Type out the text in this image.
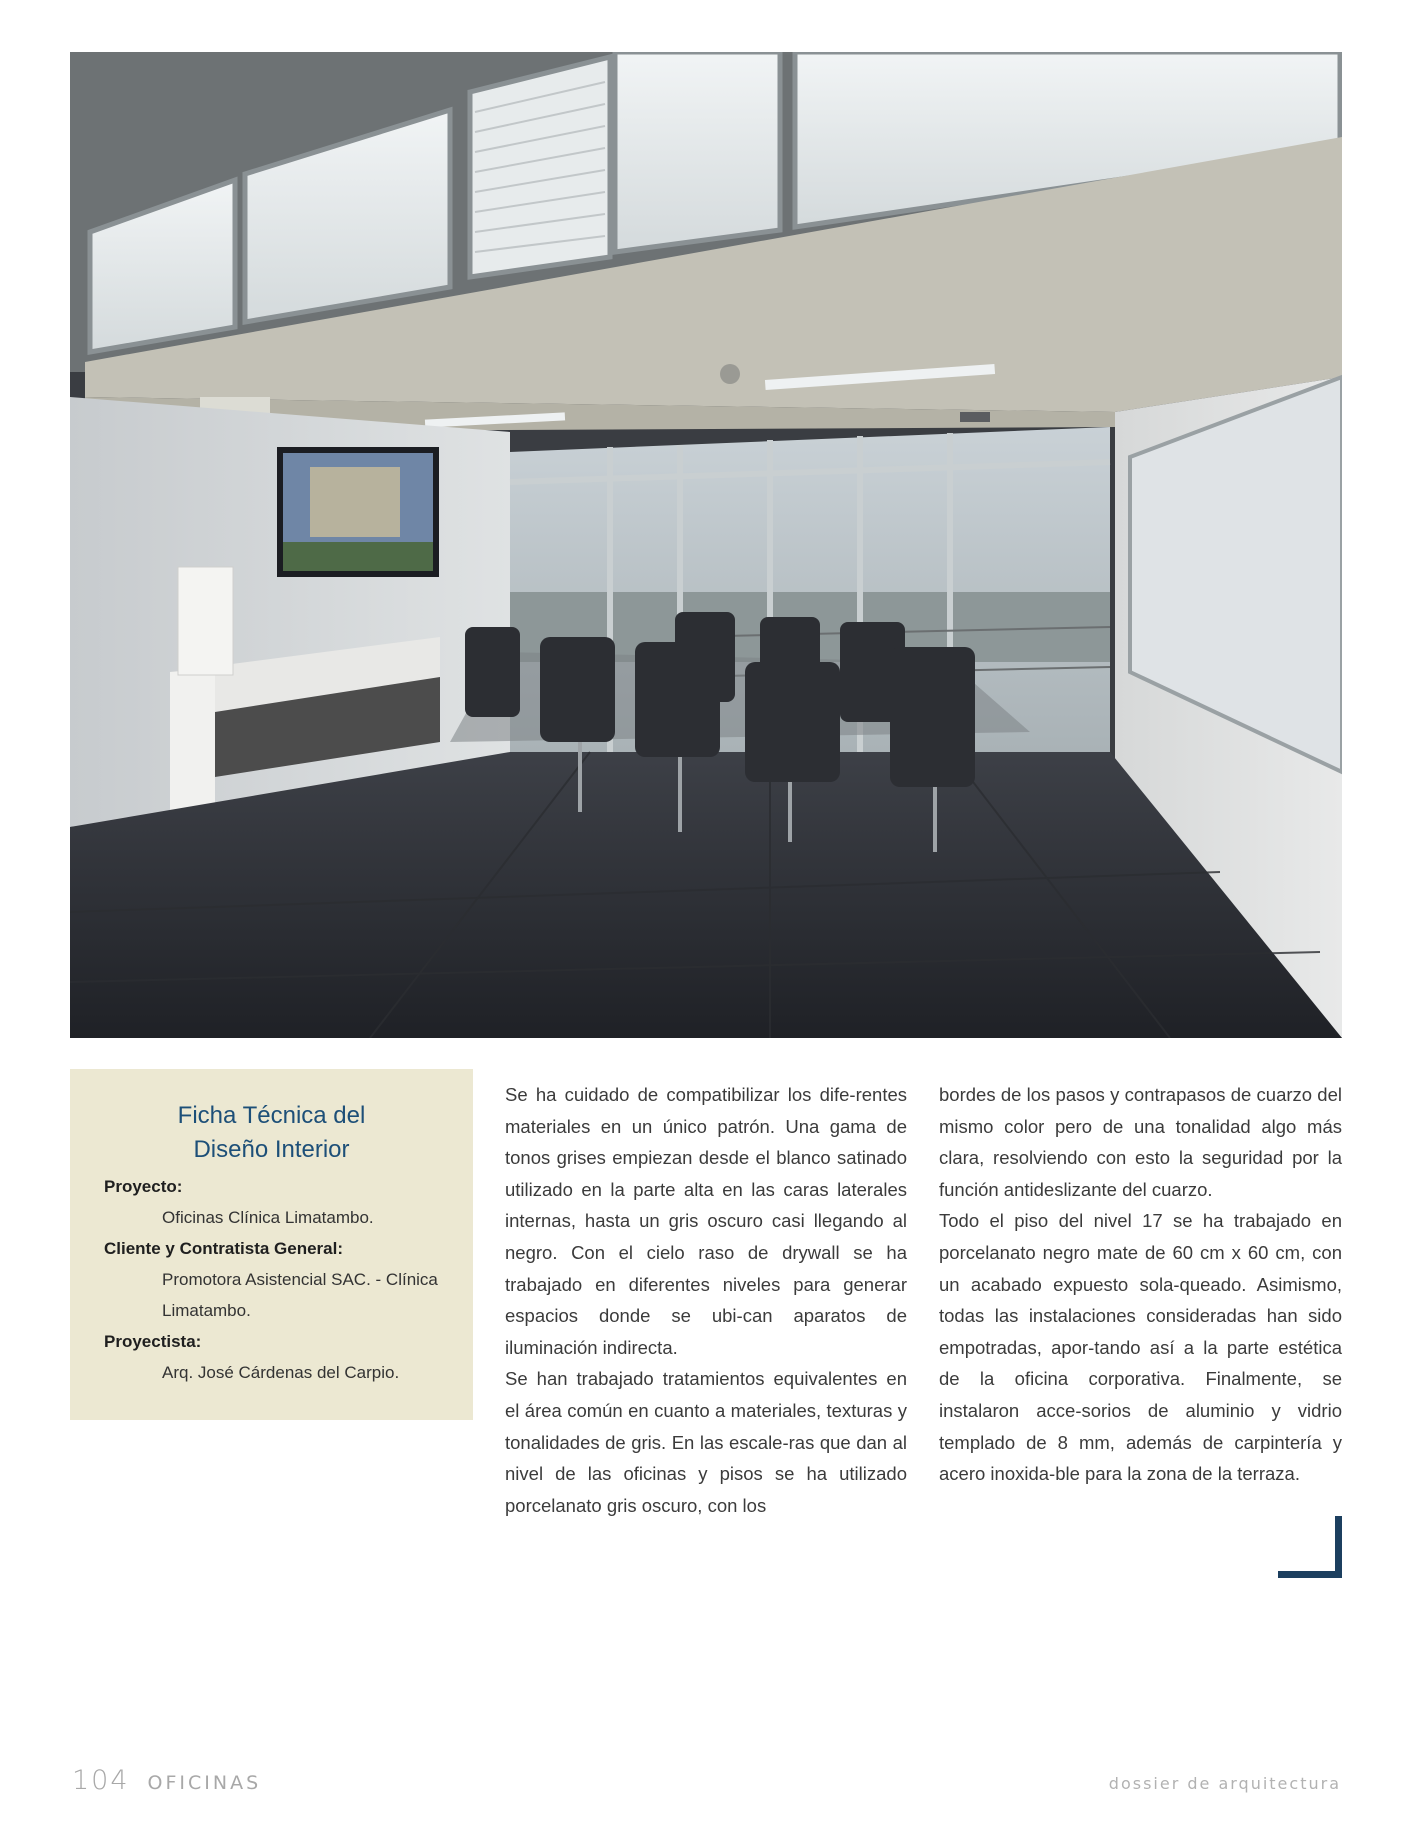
Ficha Técnica del
Diseño Interior
Proyecto:
Oficinas Clínica Limatambo.
Cliente y Contratista General:
Promotora Asistencial SAC. - Clínica Limatambo.
Proyectista:
Arq. José Cárdenas del Carpio.

Se ha cuidado de compatibilizar los dife-rentes materiales en un único patrón. Una gama de tonos grises empiezan desde el blanco satinado utilizado en la parte alta en las caras laterales internas, hasta un gris oscuro casi llegando al negro. Con el cielo raso de drywall se ha trabajado en diferentes niveles para generar espacios donde se ubi-can aparatos de iluminación indirecta.

Se han trabajado tratamientos equivalentes en el área común en cuanto a materiales, texturas y tonalidades de gris. En las escale-ras que dan al nivel de las oficinas y pisos se ha utilizado porcelanato gris oscuro, con los

bordes de los pasos y contrapasos de cuarzo del mismo color pero de una tonalidad algo más clara, resolviendo con esto la seguridad por la función antideslizante del cuarzo.

Todo el piso del nivel 17 se ha trabajado en porcelanato negro mate de 60 cm x 60 cm, con un acabado expuesto sola-queado. Asimismo, todas las instalaciones consideradas han sido empotradas, apor-tando así a la parte estética de la oficina corporativa. Finalmente, se instalaron acce-sorios de aluminio y vidrio templado de 8 mm, además de carpintería y acero inoxida-ble para la zona de la terraza.

104 OFICINAS	dossier de arquitectura
